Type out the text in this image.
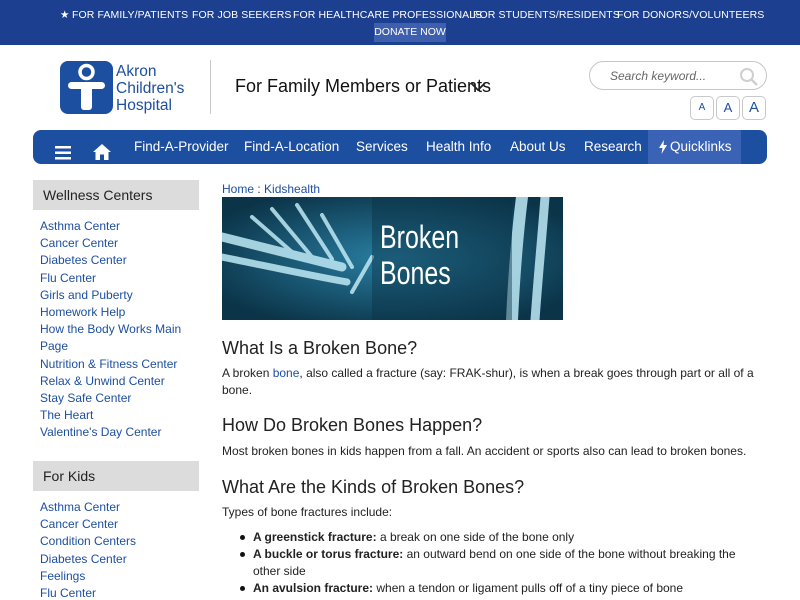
★ FOR FAMILY/PATIENTS FOR JOB SEEKERS FOR HEALTHCARE PROFESSIONALS
FOR STUDENTS/RESIDENTS
FOR DONORS/VOLUNTEERS
DONATE NOW
Akron
Children's
Hospital
For Family Members or Patients
Search keyword...
A	A	A
Find-A-Provider Find-A-Location Services Health Info About Us Research Quicklinks
Wellness Centers
Asthma Center
Cancer Center
Diabetes Center
Flu Center
Girls and Puberty
Homework Help
How the Body Works Main Page
Nutrition & Fitness Center
Relax & Unwind Center
Stay Safe Center
The Heart
Valentine's Day Center
For Kids
Asthma Center
Cancer Center
Condition Centers
Diabetes Center
Feelings
Flu Center
Home : Kidshealth
Broken
Bones
What Is a Broken Bone?

A broken bone, also called a fracture (say: FRAK-shur), is when a break goes through part or all of a bone.

How Do Broken Bones Happen?

Most broken bones in kids happen from a fall. An accident or sports also can lead to broken bones.

What Are the Kinds of Broken Bones?

Types of bone fractures include:

A greenstick fracture: a break on one side of the bone only
A buckle or torus fracture: an outward bend on one side of the bone without breaking the other side
An avulsion fracture: when a tendon or ligament pulls off of a tiny piece of bone
